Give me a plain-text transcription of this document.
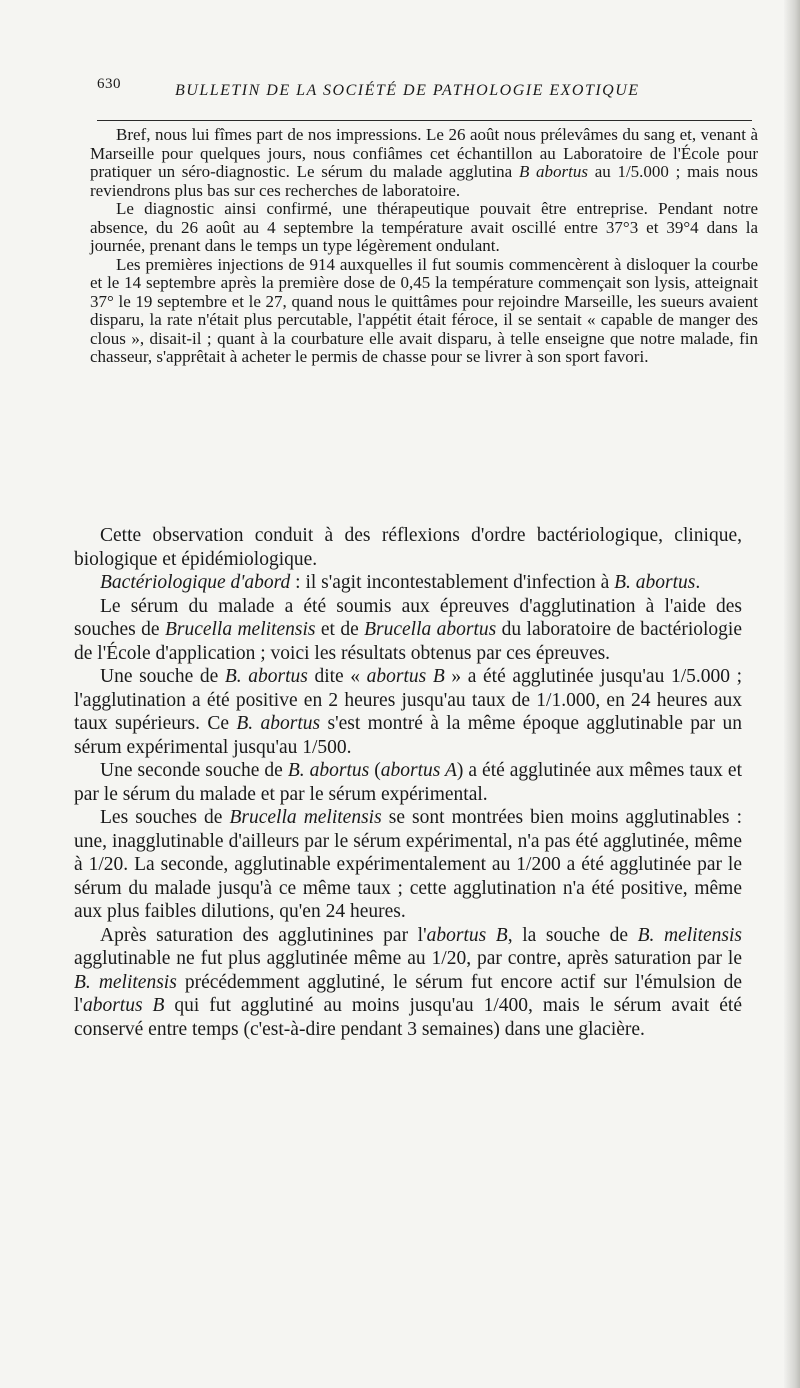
630	BULLETIN DE LA SOCIÉTÉ DE PATHOLOGIE EXOTIQUE

Bref, nous lui fîmes part de nos impressions. Le 26 août nous prélevâmes du sang et, venant à Marseille pour quelques jours, nous confiâmes cet échantillon au Laboratoire de l'École pour pratiquer un séro-diagnostic. Le sérum du malade agglutina B abortus au 1/5.000 ; mais nous reviendrons plus bas sur ces recherches de laboratoire.

Le diagnostic ainsi confirmé, une thérapeutique pouvait être entreprise. Pendant notre absence, du 26 août au 4 septembre la température avait oscillé entre 37°3 et 39°4 dans la journée, prenant dans le temps un type légèrement ondulant.

Les premières injections de 914 auxquelles il fut soumis commencèrent à disloquer la courbe et le 14 septembre après la première dose de 0,45 la température commençait son lysis, atteignait 37° le 19 septembre et le 27, quand nous le quittâmes pour rejoindre Marseille, les sueurs avaient disparu, la rate n'était plus percutable, l'appétit était féroce, il se sentait « capable de manger des clous », disait-il ; quant à la courbature elle avait disparu, à telle enseigne que notre malade, fin chasseur, s'apprêtait à acheter le permis de chasse pour se livrer à son sport favori.

Cette observation conduit à des réflexions d'ordre bactériologique, clinique, biologique et épidémiologique.

Bactériologique d'abord : il s'agit incontestablement d'infection à B. abortus.

Le sérum du malade a été soumis aux épreuves d'agglutination à l'aide des souches de Brucella melitensis et de Brucella abortus du laboratoire de bactériologie de l'École d'application ; voici les résultats obtenus par ces épreuves.

Une souche de B. abortus dite « abortus B » a été agglutinée jusqu'au 1/5.000 ; l'agglutination a été positive en 2 heures jusqu'au taux de 1/1.000, en 24 heures aux taux supérieurs. Ce B. abortus s'est montré à la même époque agglutinable par un sérum expérimental jusqu'au 1/500.

Une seconde souche de B. abortus (abortus A) a été agglutinée aux mêmes taux et par le sérum du malade et par le sérum expérimental.

Les souches de Brucella melitensis se sont montrées bien moins agglutinables : une, inagglutinable d'ailleurs par le sérum expérimental, n'a pas été agglutinée, même à 1/20. La seconde, agglutinable expérimentalement au 1/200 a été agglutinée par le sérum du malade jusqu'à ce même taux ; cette agglutination n'a été positive, même aux plus faibles dilutions, qu'en 24 heures.

Après saturation des agglutinines par l'abortus B, la souche de B. melitensis agglutinable ne fut plus agglutinée même au 1/20, par contre, après saturation par le B. melitensis précédemment agglutiné, le sérum fut encore actif sur l'émulsion de l'abortus B qui fut agglutiné au moins jusqu'au 1/400, mais le sérum avait été conservé entre temps (c'est-à-dire pendant 3 semaines) dans une glacière.
